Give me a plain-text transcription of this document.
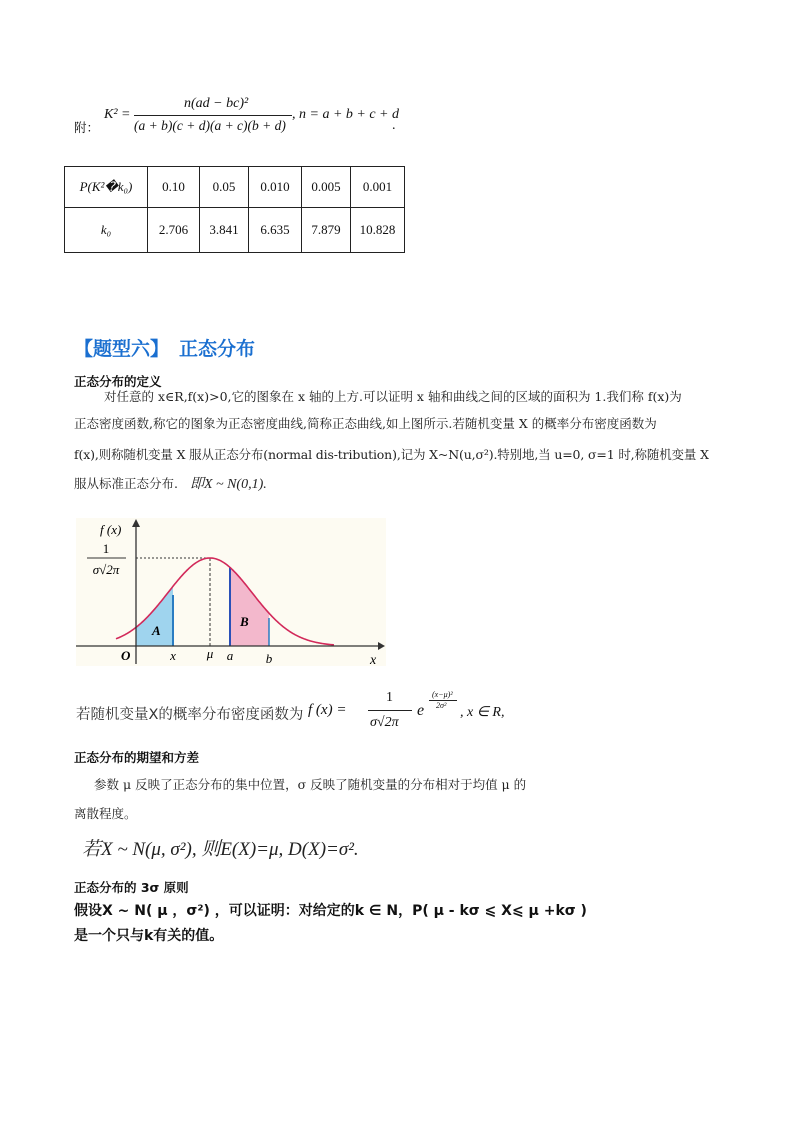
附：
K² =
n(ad − bc)²
(a + b)(c + d)(a + c)(b + d)
, n = a + b + c + d
.
P(K²�k₀)	0.10	0.05	0.010	0.005	0.001
k₀	2.706	3.841	6.635	7.879	10.828
【题型六】 正态分布
正态分布的定义
对任意的 x∈R,f(x)>0,它的图象在 x 轴的上方.可以证明 x 轴和曲线之间的区域的面积为 1.我们称 f(x)为
正态密度函数,称它的图象为正态密度曲线,简称正态曲线,如上图所示.若随机变量 X 的概率分布密度函数为
f(x),则称随机变量 X 服从正态分布(normal dis-tribution),记为 X~N(u,σ²).特别地,当 u=0, σ=1 时,称随机变量 X
服从标准正态分布. 即X ~ N(0,1).
f (x)
1
σ√2π
A
B
O	x μ a	b	x
若随机变量X的概率分布密度函数为 f (x) =
1
σ√2π
e
(x−μ)²
2σ² , x ∈ R,
正态分布的期望和方差
参数 μ 反映了正态分布的集中位置，σ 反映了随机变量的分布相对于均值 μ 的
离散程度。
若X ~ N(μ, σ²), 则E(X)=μ, D(X)=σ².
正态分布的 3σ 原则
假设X ~ N( μ ，σ²) ，可以证明：对给定的k ∈ N，P( μ - kσ ⩽ X⩽ μ +kσ )
是一个只与k有关的值。
